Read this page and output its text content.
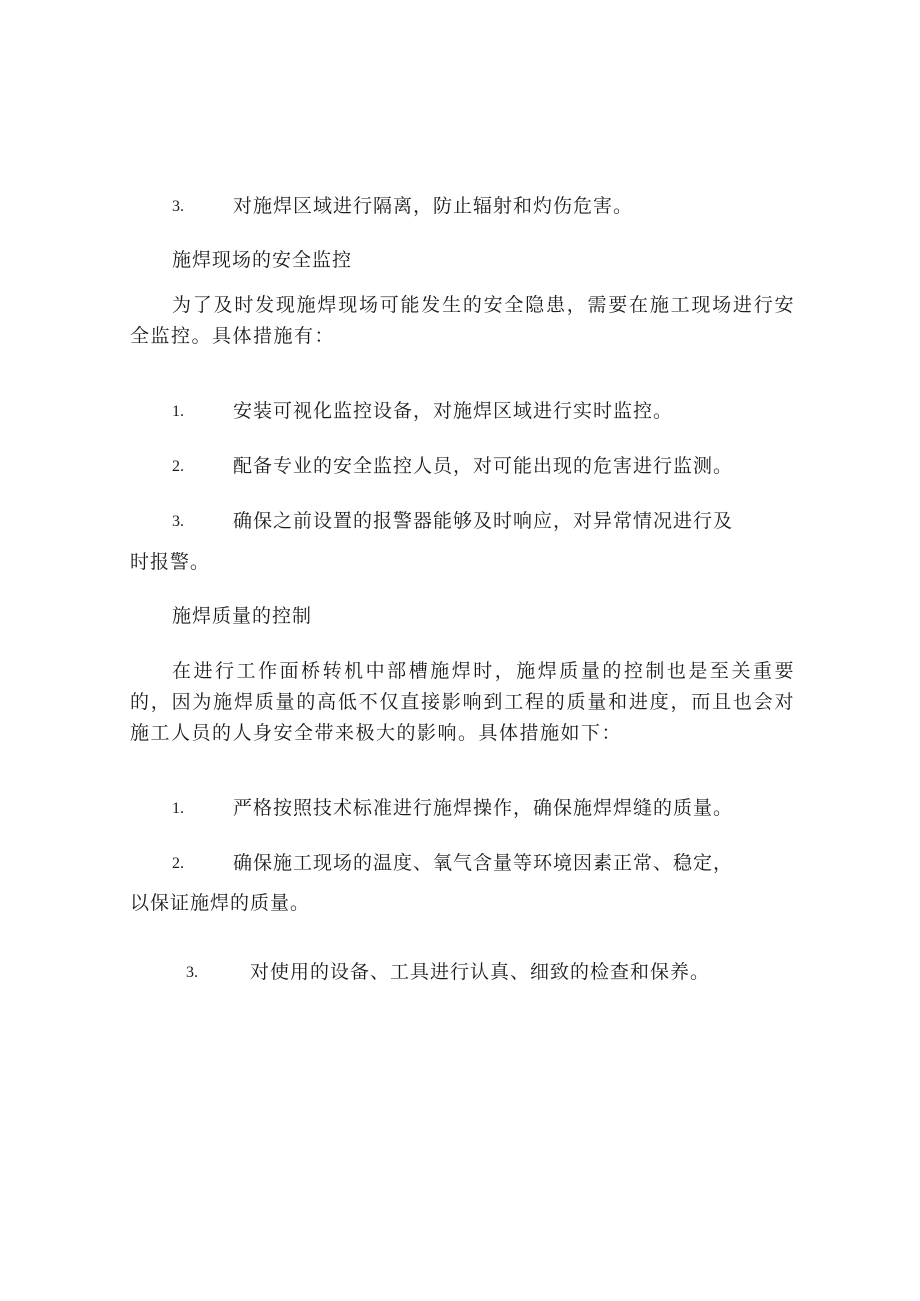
3.	对施焊区域进行隔离，防止辐射和灼伤危害。
施焊现场的安全监控

为了及时发现施焊现场可能发生的安全隐患，需要在施工现场进行安全监控。具体措施有：

1.	安装可视化监控设备，对施焊区域进行实时监控。
2.	配备专业的安全监控人员，对可能出现的危害进行监测。
3.	确保之前设置的报警器能够及时响应，对异常情况进行及
时报警。
施焊质量的控制

在进行工作面桥转机中部槽施焊时，施焊质量的控制也是至关重要的，因为施焊质量的高低不仅直接影响到工程的质量和进度，而且也会对施工人员的人身安全带来极大的影响。具体措施如下：

1.	严格按照技术标准进行施焊操作，确保施焊焊缝的质量。
2.	确保施工现场的温度、氧气含量等环境因素正常、稳定，
以保证施焊的质量。
3.	对使用的设备、工具进行认真、细致的检查和保养。
